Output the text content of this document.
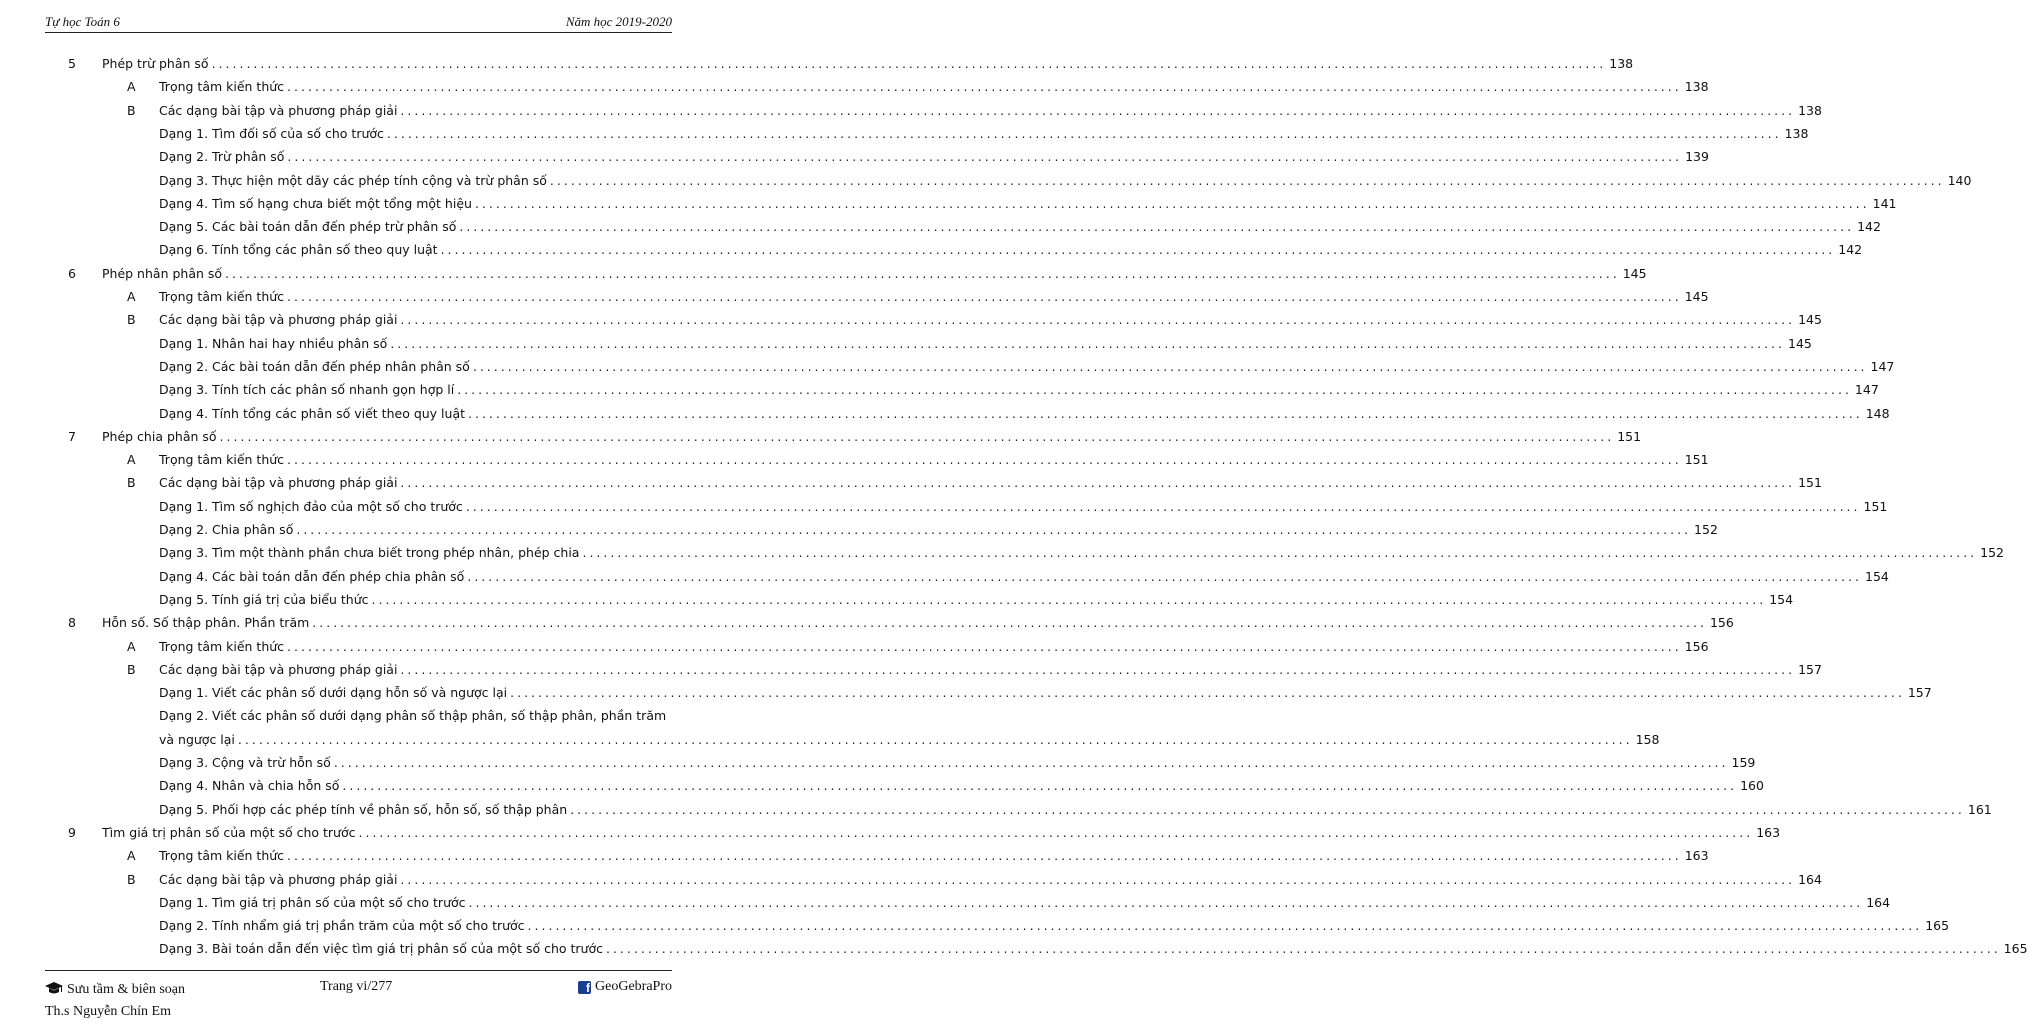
Tự học Toán 6	Năm học 2019-2020
5 Phép trừ phân số ........................................................................................................................................................................................................ 138
A Trọng tâm kiến thức ........................................................................................................................................................................................................ 138
B Các dạng bài tập và phương pháp giải ........................................................................................................................................................................................................ 138
Dạng 1. Tìm đối số của số cho trước ........................................................................................................................................................................................................ 138
Dạng 2. Trừ phân số ........................................................................................................................................................................................................ 139
Dạng 3. Thực hiện một dãy các phép tính cộng và trừ phân số ........................................................................................................................................................................................................ 140
Dạng 4. Tìm số hạng chưa biết một tổng một hiệu ........................................................................................................................................................................................................ 141
Dạng 5. Các bài toán dẫn đến phép trừ phân số ........................................................................................................................................................................................................ 142
Dạng 6. Tính tổng các phân số theo quy luật ........................................................................................................................................................................................................ 142
6 Phép nhân phân số ........................................................................................................................................................................................................ 145
A Trọng tâm kiến thức ........................................................................................................................................................................................................ 145
B Các dạng bài tập và phương pháp giải ........................................................................................................................................................................................................ 145
Dạng 1. Nhân hai hay nhiều phân số ........................................................................................................................................................................................................ 145
Dạng 2. Các bài toán dẫn đến phép nhân phân số ........................................................................................................................................................................................................ 147
Dạng 3. Tính tích các phân số nhanh gọn hợp lí ........................................................................................................................................................................................................ 147
Dạng 4. Tính tổng các phân số viết theo quy luật ........................................................................................................................................................................................................ 148
7 Phép chia phân số ........................................................................................................................................................................................................ 151
A Trọng tâm kiến thức ........................................................................................................................................................................................................ 151
B Các dạng bài tập và phương pháp giải ........................................................................................................................................................................................................ 151
Dạng 1. Tìm số nghịch đảo của một số cho trước ........................................................................................................................................................................................................ 151
Dạng 2. Chia phân số ........................................................................................................................................................................................................ 152
Dạng 3. Tìm một thành phần chưa biết trong phép nhân, phép chia ........................................................................................................................................................................................................ 152
Dạng 4. Các bài toán dẫn đến phép chia phân số ........................................................................................................................................................................................................ 154
Dạng 5. Tính giá trị của biểu thức ........................................................................................................................................................................................................ 154
8 Hỗn số. Số thập phân. Phần trăm ........................................................................................................................................................................................................ 156
A Trọng tâm kiến thức ........................................................................................................................................................................................................ 156
B Các dạng bài tập và phương pháp giải ........................................................................................................................................................................................................ 157
Dạng 1. Viết các phân số dưới dạng hỗn số và ngược lại ........................................................................................................................................................................................................ 157
Dạng 2. Viết các phân số dưới dạng phân số thập phân, số thập phân, phần trăm
và ngược lại ........................................................................................................................................................................................................ 158
Dạng 3. Cộng và trừ hỗn số ........................................................................................................................................................................................................ 159
Dạng 4. Nhân và chia hỗn số ........................................................................................................................................................................................................ 160
Dạng 5. Phối hợp các phép tính về phân số, hỗn số, số thập phân ........................................................................................................................................................................................................ 161
9 Tìm giá trị phân số của một số cho trước ........................................................................................................................................................................................................ 163
A Trọng tâm kiến thức ........................................................................................................................................................................................................ 163
B Các dạng bài tập và phương pháp giải ........................................................................................................................................................................................................ 164
Dạng 1. Tìm giá trị phân số của một số cho trước ........................................................................................................................................................................................................ 164
Dạng 2. Tính nhẩm giá trị phần trăm của một số cho trước ........................................................................................................................................................................................................ 165
Dạng 3. Bài toán dẫn đến việc tìm giá trị phân số của một số cho trước ........................................................................................................................................................................................................ 165
Sưu tầm & biên soạn
Th.s Nguyễn Chín Em
Trang vi/277	f GeoGebraPro
